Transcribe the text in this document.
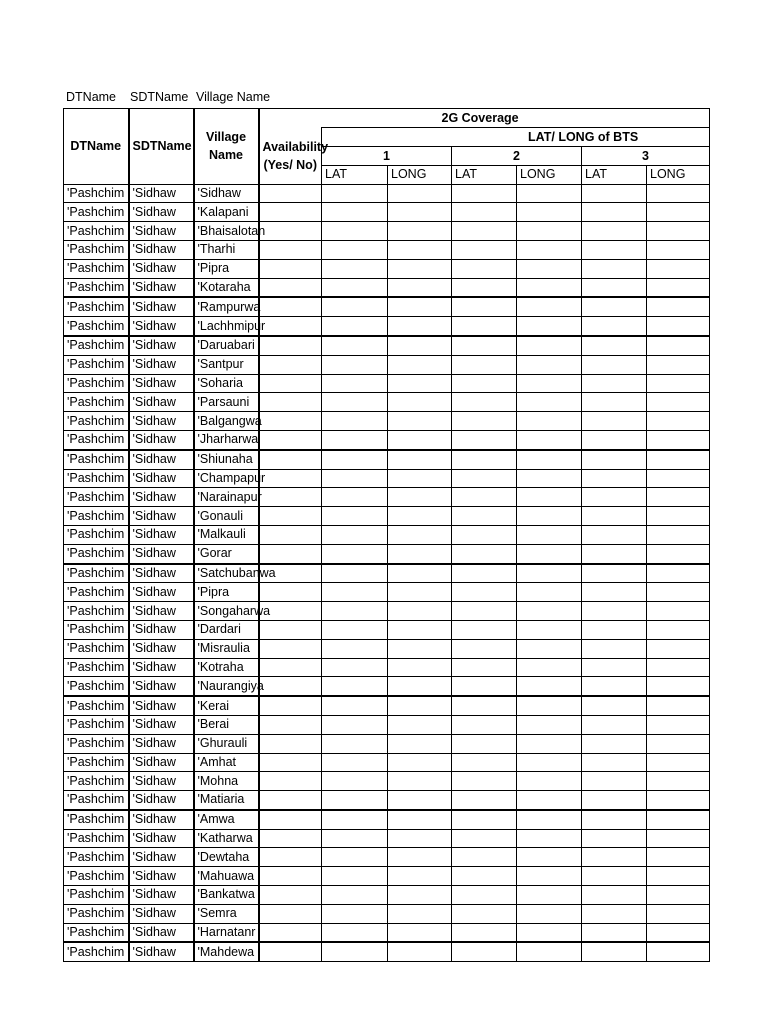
DTName SDTName Village Name
DTName	SDTName	Village Name		2G Coverage					
			Availability (Yes/ No)	LAT/ LONG of BTS					
				1		2		3	
				LAT	LONG	LAT	LONG	LAT	LONG
'Pashchim	'Sidhaw	'Sidhaw							
'Pashchim	'Sidhaw	'Kalapani							
'Pashchim	'Sidhaw	'Bhaisalotan							
'Pashchim	'Sidhaw	'Tharhi							
'Pashchim	'Sidhaw	'Pipra							
'Pashchim	'Sidhaw	'Kotaraha							
'Pashchim	'Sidhaw	'Rampurwa							
'Pashchim	'Sidhaw	'Lachhmipur							
'Pashchim	'Sidhaw	'Daruabari							
'Pashchim	'Sidhaw	'Santpur							
'Pashchim	'Sidhaw	'Soharia							
'Pashchim	'Sidhaw	'Parsauni							
'Pashchim	'Sidhaw	'Balgangwa							
'Pashchim	'Sidhaw	'Jharharwa							
'Pashchim	'Sidhaw	'Shiunaha							
'Pashchim	'Sidhaw	'Champapur							
'Pashchim	'Sidhaw	'Narainapur							
'Pashchim	'Sidhaw	'Gonauli							
'Pashchim	'Sidhaw	'Malkauli							
'Pashchim	'Sidhaw	'Gorar							
'Pashchim	'Sidhaw	'Satchubanwa							
'Pashchim	'Sidhaw	'Pipra							
'Pashchim	'Sidhaw	'Songaharwa							
'Pashchim	'Sidhaw	'Dardari							
'Pashchim	'Sidhaw	'Misraulia							
'Pashchim	'Sidhaw	'Kotraha							
'Pashchim	'Sidhaw	'Naurangiya							
'Pashchim	'Sidhaw	'Kerai							
'Pashchim	'Sidhaw	'Berai							
'Pashchim	'Sidhaw	'Ghurauli							
'Pashchim	'Sidhaw	'Amhat							
'Pashchim	'Sidhaw	'Mohna							
'Pashchim	'Sidhaw	'Matiaria							
'Pashchim	'Sidhaw	'Amwa							
'Pashchim	'Sidhaw	'Katharwa							
'Pashchim	'Sidhaw	'Dewtaha							
'Pashchim	'Sidhaw	'Mahuawa							
'Pashchim	'Sidhaw	'Bankatwa							
'Pashchim	'Sidhaw	'Semra							
'Pashchim	'Sidhaw	'Harnatanr							
'Pashchim	'Sidhaw	'Mahdewa							
